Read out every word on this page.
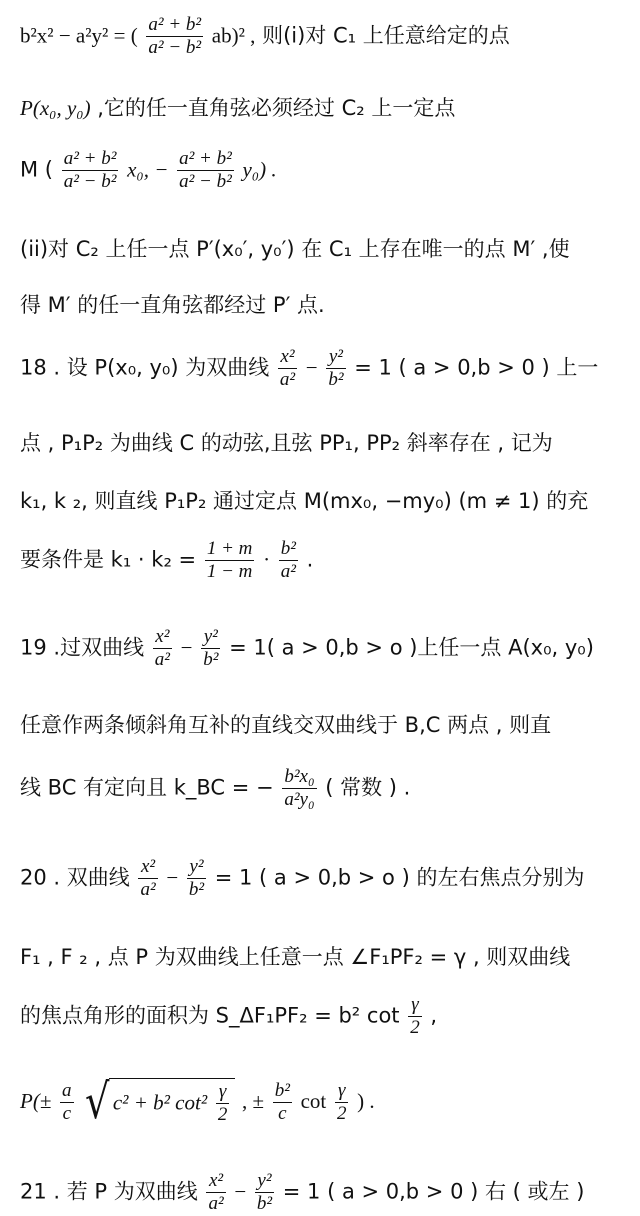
b²x² − a²y² = ( $\frac{\text{a² + b²}}{\text{a² − b²}} ab)^2$ , 则(i)对 C₁ 上任意给定的点
P(x₀, y₀) ,它的任一直角弦必须经过 C₂ 上一定点
M ( $\frac{\text{a² + b²}}{\text{a² − b²}} x_0$, − $\frac{\text{a² + b²}}{\text{a² − b²}} y_0$) .
(ii)对 C₂ 上任一点 P′(x₀′, y₀′) 在 C₁ 上存在唯一的点 M′ ,使
得 M′ 的任一直角弦都经过 P′ 点.
18 . 设 P(x₀, y₀) 为双曲线 $\frac{\text{x²}}{\text{a²}} - \frac{\text{y²}}{\text{b²}} = 1$ ( a > 0,b > 0 ) 上一
点 , P₁P₂ 为曲线 C 的动弦,且弦 PP₁, PP₂ 斜率存在 , 记为
k₁, k ₂, 则直线 P₁P₂ 通过定点 M(mx₀, −my₀) (m ≠ 1) 的充
要条件是 $k_1 \cdot k_2 = \frac{1 + m}{1 - m} \cdot \frac{\text{b²}}{\text{a²}}$ .
19 .过双曲线 $\frac{\text{x²}}{\text{a²}} - \frac{\text{y²}}{\text{b²}} = 1$( a > 0,b > o )上任一点 A(x₀, y₀)
任意作两条倾斜角互补的直线交双曲线于 B,C 两点 , 则直
线 BC 有定向且 k_BC = − $\frac{\text{b²x₀}}{\text{a²y₀}}$ ( 常数 ) .
20 . 双曲线 $\frac{\text{x²}}{\text{a²}} - \frac{\text{y²}}{\text{b²}} = 1$ ( a > 0,b > o ) 的左右焦点分别为
F₁ , F ₂ , 点 P 为双曲线上任意一点 ∠F₁PF₂ = γ , 则双曲线
的焦点角形的面积为 S_ΔF₁PF₂ = b² $\cot \frac{\gamma}{2}$ ,
$P(\pm \frac{a}{c}$ √ c² + b² $\cot^2 \frac{\gamma}{2}$ , ± $\frac{\text{b²}}{c}$ $\cot \frac{\gamma}{2}$ ) .
21 . 若 P 为双曲线 $\frac{\text{x²}}{\text{a²}} - \frac{\text{y²}}{\text{b²}} = 1$ ( a > 0,b > 0 ) 右 ( 或左 )
